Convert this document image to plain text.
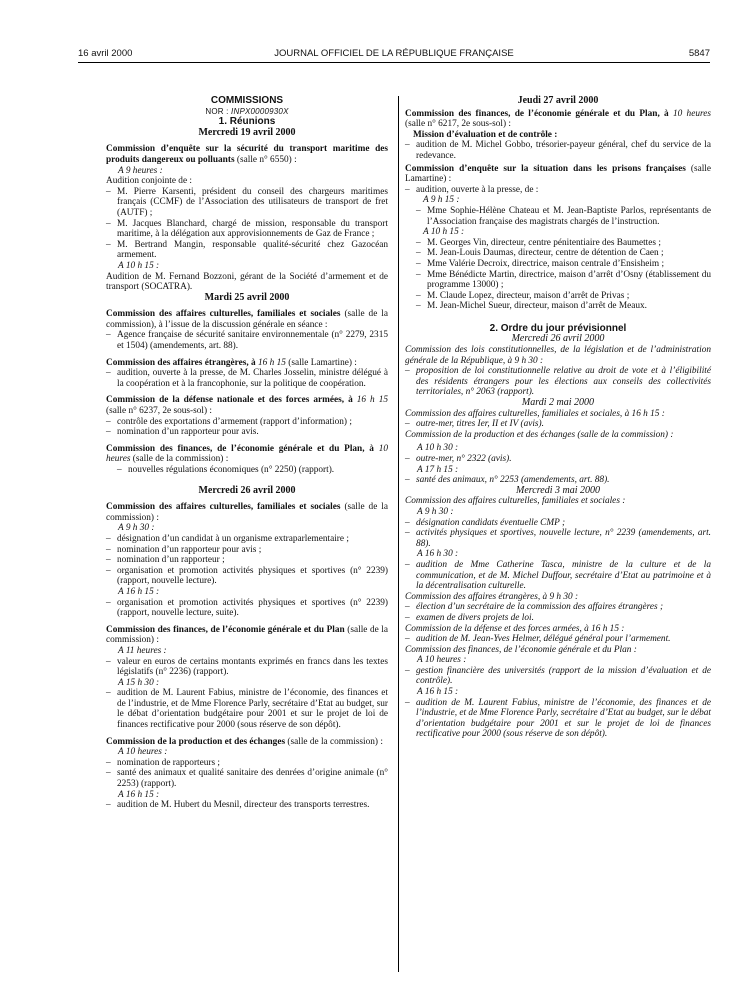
16 avril 2000	JOURNAL OFFICIEL DE LA RÉPUBLIQUE FRANÇAISE	5847

COMMISSIONS

NOR : INPX0000930X

1. Réunions

Mercredi 19 avril 2000

Commission d’enquête sur la sécurité du transport maritime des produits dangereux ou polluants (salle n° 6550) :

A 9 heures :

Audition conjointe de :

– M. Pierre Karsenti, président du conseil des chargeurs maritimes français (CCMF) de l’Association des utilisateurs de transport de fret (AUTF) ;

– M. Jacques Blanchard, chargé de mission, responsable du transport maritime, à la délégation aux approvisionnements de Gaz de France ;

– M. Bertrand Mangin, responsable qualité-sécurité chez Gazocéan armement.

A 10 h 15 :

Audition de M. Fernand Bozzoni, gérant de la Société d’armement et de transport (SOCATRA).

Mardi 25 avril 2000

Commission des affaires culturelles, familiales et sociales (salle de la commission), à l’issue de la discussion générale en séance :

– Agence française de sécurité sanitaire environnementale (n° 2279, 2315 et 1504) (amendements, art. 88).

Commission des affaires étrangères, à 16 h 15 (salle Lamartine) :

– audition, ouverte à la presse, de M. Charles Josselin, ministre délégué à la coopération et à la francophonie, sur la politique de coopération.

Commission de la défense nationale et des forces armées, à 16 h 15 (salle n° 6237, 2e sous-sol) :

– contrôle des exportations d’armement (rapport d’information) ;

– nomination d’un rapporteur pour avis.

Commission des finances, de l’économie générale et du Plan, à 10 heures (salle de la commission) :

– nouvelles régulations économiques (n° 2250) (rapport).

Mercredi 26 avril 2000

Commission des affaires culturelles, familiales et sociales (salle de la commission) :

A 9 h 30 :

– désignation d’un candidat à un organisme extraparlementaire ;

– nomination d’un rapporteur pour avis ;

– nomination d’un rapporteur ;

– organisation et promotion activités physiques et sportives (n° 2239) (rapport, nouvelle lecture).

A 16 h 15 :

– organisation et promotion activités physiques et sportives (n° 2239) (rapport, nouvelle lecture, suite).

Commission des finances, de l’économie générale et du Plan (salle de la commission) :

A 11 heures :

– valeur en euros de certains montants exprimés en francs dans les textes législatifs (n° 2236) (rapport).

A 15 h 30 :

– audition de M. Laurent Fabius, ministre de l’économie, des finances et de l’industrie, et de Mme Florence Parly, secrétaire d’Etat au budget, sur le débat d’orientation budgétaire pour 2001 et sur le projet de loi de finances rectificative pour 2000 (sous réserve de son dépôt).

Commission de la production et des échanges (salle de la commission) :

A 10 heures :

– nomination de rapporteurs ;

– santé des animaux et qualité sanitaire des denrées d’origine animale (n° 2253) (rapport).

A 16 h 15 :

– audition de M. Hubert du Mesnil, directeur des transports terrestres.

Jeudi 27 avril 2000

Commission des finances, de l’économie générale et du Plan, à 10 heures (salle n° 6217, 2e sous-sol) :

Mission d’évaluation et de contrôle :

– audition de M. Michel Gobbo, trésorier-payeur général, chef du service de la redevance.

Commission d’enquête sur la situation dans les prisons françaises (salle Lamartine) :

– audition, ouverte à la presse, de :

A 9 h 15 :

– Mme Sophie-Hélène Chateau et M. Jean-Baptiste Parlos, représentants de l’Association française des magistrats chargés de l’instruction.

A 10 h 15 :

– M. Georges Vin, directeur, centre pénitentiaire des Baumettes ;

– M. Jean-Louis Daumas, directeur, centre de détention de Caen ;

– Mme Valérie Decroix, directrice, maison centrale d’Ensisheim ;

– Mme Bénédicte Martin, directrice, maison d’arrêt d’Osny (établissement du programme 13000) ;

– M. Claude Lopez, directeur, maison d’arrêt de Privas ;

– M. Jean-Michel Sueur, directeur, maison d’arrêt de Meaux.

2. Ordre du jour prévisionnel

Mercredi 26 avril 2000

Commission des lois constitutionnelles, de la législation et de l’administration générale de la République, à 9 h 30 :

– proposition de loi constitutionnelle relative au droit de vote et à l’éligibilité des résidents étrangers pour les élections aux conseils des collectivités territoriales, n° 2063 (rapport).

Mardi 2 mai 2000

Commission des affaires culturelles, familiales et sociales, à 16 h 15 :

– outre-mer, titres Ier, II et IV (avis).

Commission de la production et des échanges (salle de la commission) :

A 10 h 30 :

– outre-mer, n° 2322 (avis).

A 17 h 15 :

– santé des animaux, n° 2253 (amendements, art. 88).

Mercredi 3 mai 2000

Commission des affaires culturelles, familiales et sociales :

A 9 h 30 :

– désignation candidats éventuelle CMP ;

– activités physiques et sportives, nouvelle lecture, n° 2239 (amendements, art. 88).

A 16 h 30 :

– audition de Mme Catherine Tasca, ministre de la culture et de la communication, et de M. Michel Duffour, secrétaire d’Etat au patrimoine et à la décentralisation culturelle.

Commission des affaires étrangères, à 9 h 30 :

– élection d’un secrétaire de la commission des affaires étrangères ;

– examen de divers projets de loi.

Commission de la défense et des forces armées, à 16 h 15 :

– audition de M. Jean-Yves Helmer, délégué général pour l’armement.

Commission des finances, de l’économie générale et du Plan :

A 10 heures :

– gestion financière des universités (rapport de la mission d’évaluation et de contrôle).

A 16 h 15 :

– audition de M. Laurent Fabius, ministre de l’économie, des finances et de l’industrie, et de Mme Florence Parly, secrétaire d’Etat au budget, sur le débat d’orientation budgétaire pour 2001 et sur le projet de loi de finances rectificative pour 2000 (sous réserve de son dépôt).
